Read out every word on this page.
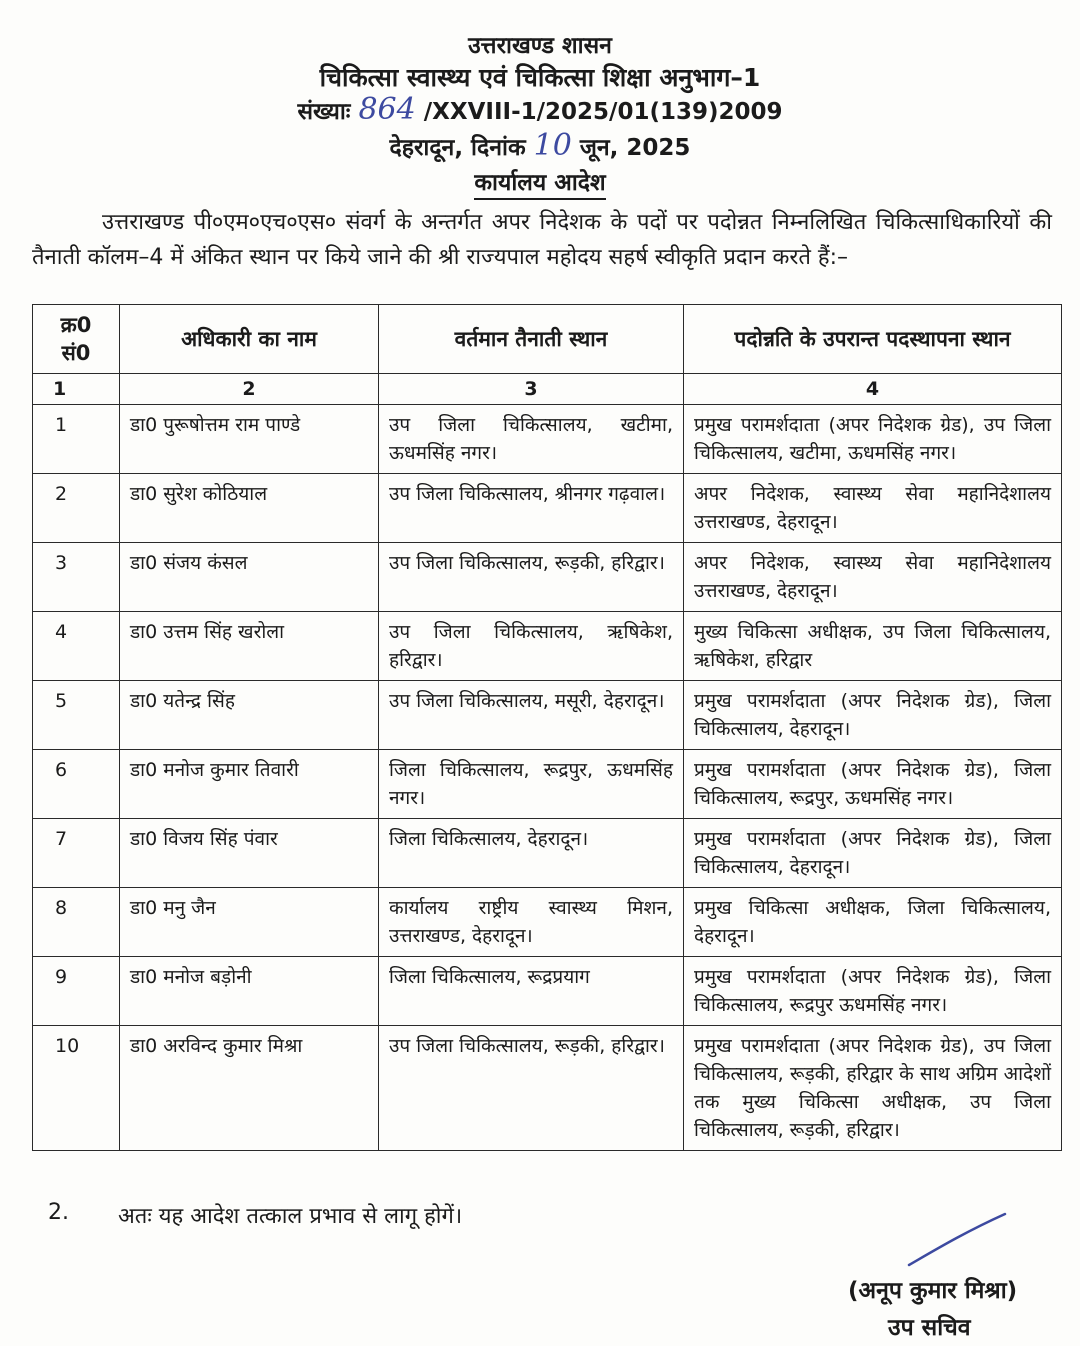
उत्तराखण्ड शासन
चिकित्सा स्वास्थ्य एवं चिकित्सा शिक्षा अनुभाग–1
संख्याः 864 /XXVIII-1/2025/01(139)2009
देहरादून, दिनांक 10 जून, 2025
कार्यालय आदेश
उत्तराखण्ड पी०एम०एच०एस० संवर्ग के अन्तर्गत अपर निदेशक के पदों पर पदोन्नत निम्नलिखित चिकित्साधिकारियों की तैनाती कॉलम–4 में अंकित स्थान पर किये जाने की श्री राज्यपाल महोदय सहर्ष स्वीकृति प्रदान करते हैं:–
क्र0 सं0	अधिकारी का नाम	वर्तमान तैनाती स्थान	पदोन्नति के उपरान्त पदस्थापना स्थान
1	2	3	4
1	डा0 पुरूषोत्तम राम पाण्डे	उप जिला चिकित्सालय, खटीमा, ऊधमसिंह नगर।	प्रमुख परामर्शदाता (अपर निदेशक ग्रेड), उप जिला चिकित्सालय, खटीमा, ऊधमसिंह नगर।
2	डा0 सुरेश कोठियाल	उप जिला चिकित्सालय, श्रीनगर गढ़वाल।	अपर निदेशक, स्वास्थ्य सेवा महानिदेशालय उत्तराखण्ड, देहरादून।
3	डा0 संजय कंसल	उप जिला चिकित्सालय, रूड़की, हरिद्वार।	अपर निदेशक, स्वास्थ्य सेवा महानिदेशालय उत्तराखण्ड, देहरादून।
4	डा0 उत्तम सिंह खरोला	उप जिला चिकित्सालय, ऋषिकेश, हरिद्वार।	मुख्य चिकित्सा अधीक्षक, उप जिला चिकित्सालय, ऋषिकेश, हरिद्वार
5	डा0 यतेन्द्र सिंह	उप जिला चिकित्सालय, मसूरी, देहरादून।	प्रमुख परामर्शदाता (अपर निदेशक ग्रेड), जिला चिकित्सालय, देहरादून।
6	डा0 मनोज कुमार तिवारी	जिला चिकित्सालय, रूद्रपुर, ऊधमसिंह नगर।	प्रमुख परामर्शदाता (अपर निदेशक ग्रेड), जिला चिकित्सालय, रूद्रपुर, ऊधमसिंह नगर।
7	डा0 विजय सिंह पंवार	जिला चिकित्सालय, देहरादून।	प्रमुख परामर्शदाता (अपर निदेशक ग्रेड), जिला चिकित्सालय, देहरादून।
8	डा0 मनु जैन	कार्यालय राष्ट्रीय स्वास्थ्य मिशन, उत्तराखण्ड, देहरादून।	प्रमुख चिकित्सा अधीक्षक, जिला चिकित्सालय, देहरादून।
9	डा0 मनोज बड़ोनी	जिला चिकित्सालय, रूद्रप्रयाग	प्रमुख परामर्शदाता (अपर निदेशक ग्रेड), जिला चिकित्सालय, रूद्रपुर ऊधमसिंह नगर।
10	डा0 अरविन्द कुमार मिश्रा	उप जिला चिकित्सालय, रूड़की, हरिद्वार।	प्रमुख परामर्शदाता (अपर निदेशक ग्रेड), उप जिला चिकित्सालय, रूड़की, हरिद्वार के साथ अग्रिम आदेशों तक मुख्य चिकित्सा अधीक्षक, उप जिला चिकित्सालय, रूड़की, हरिद्वार।
2. अतः यह आदेश तत्काल प्रभाव से लागू होगें।
(अनूप कुमार मिश्रा)
उप सचिव
